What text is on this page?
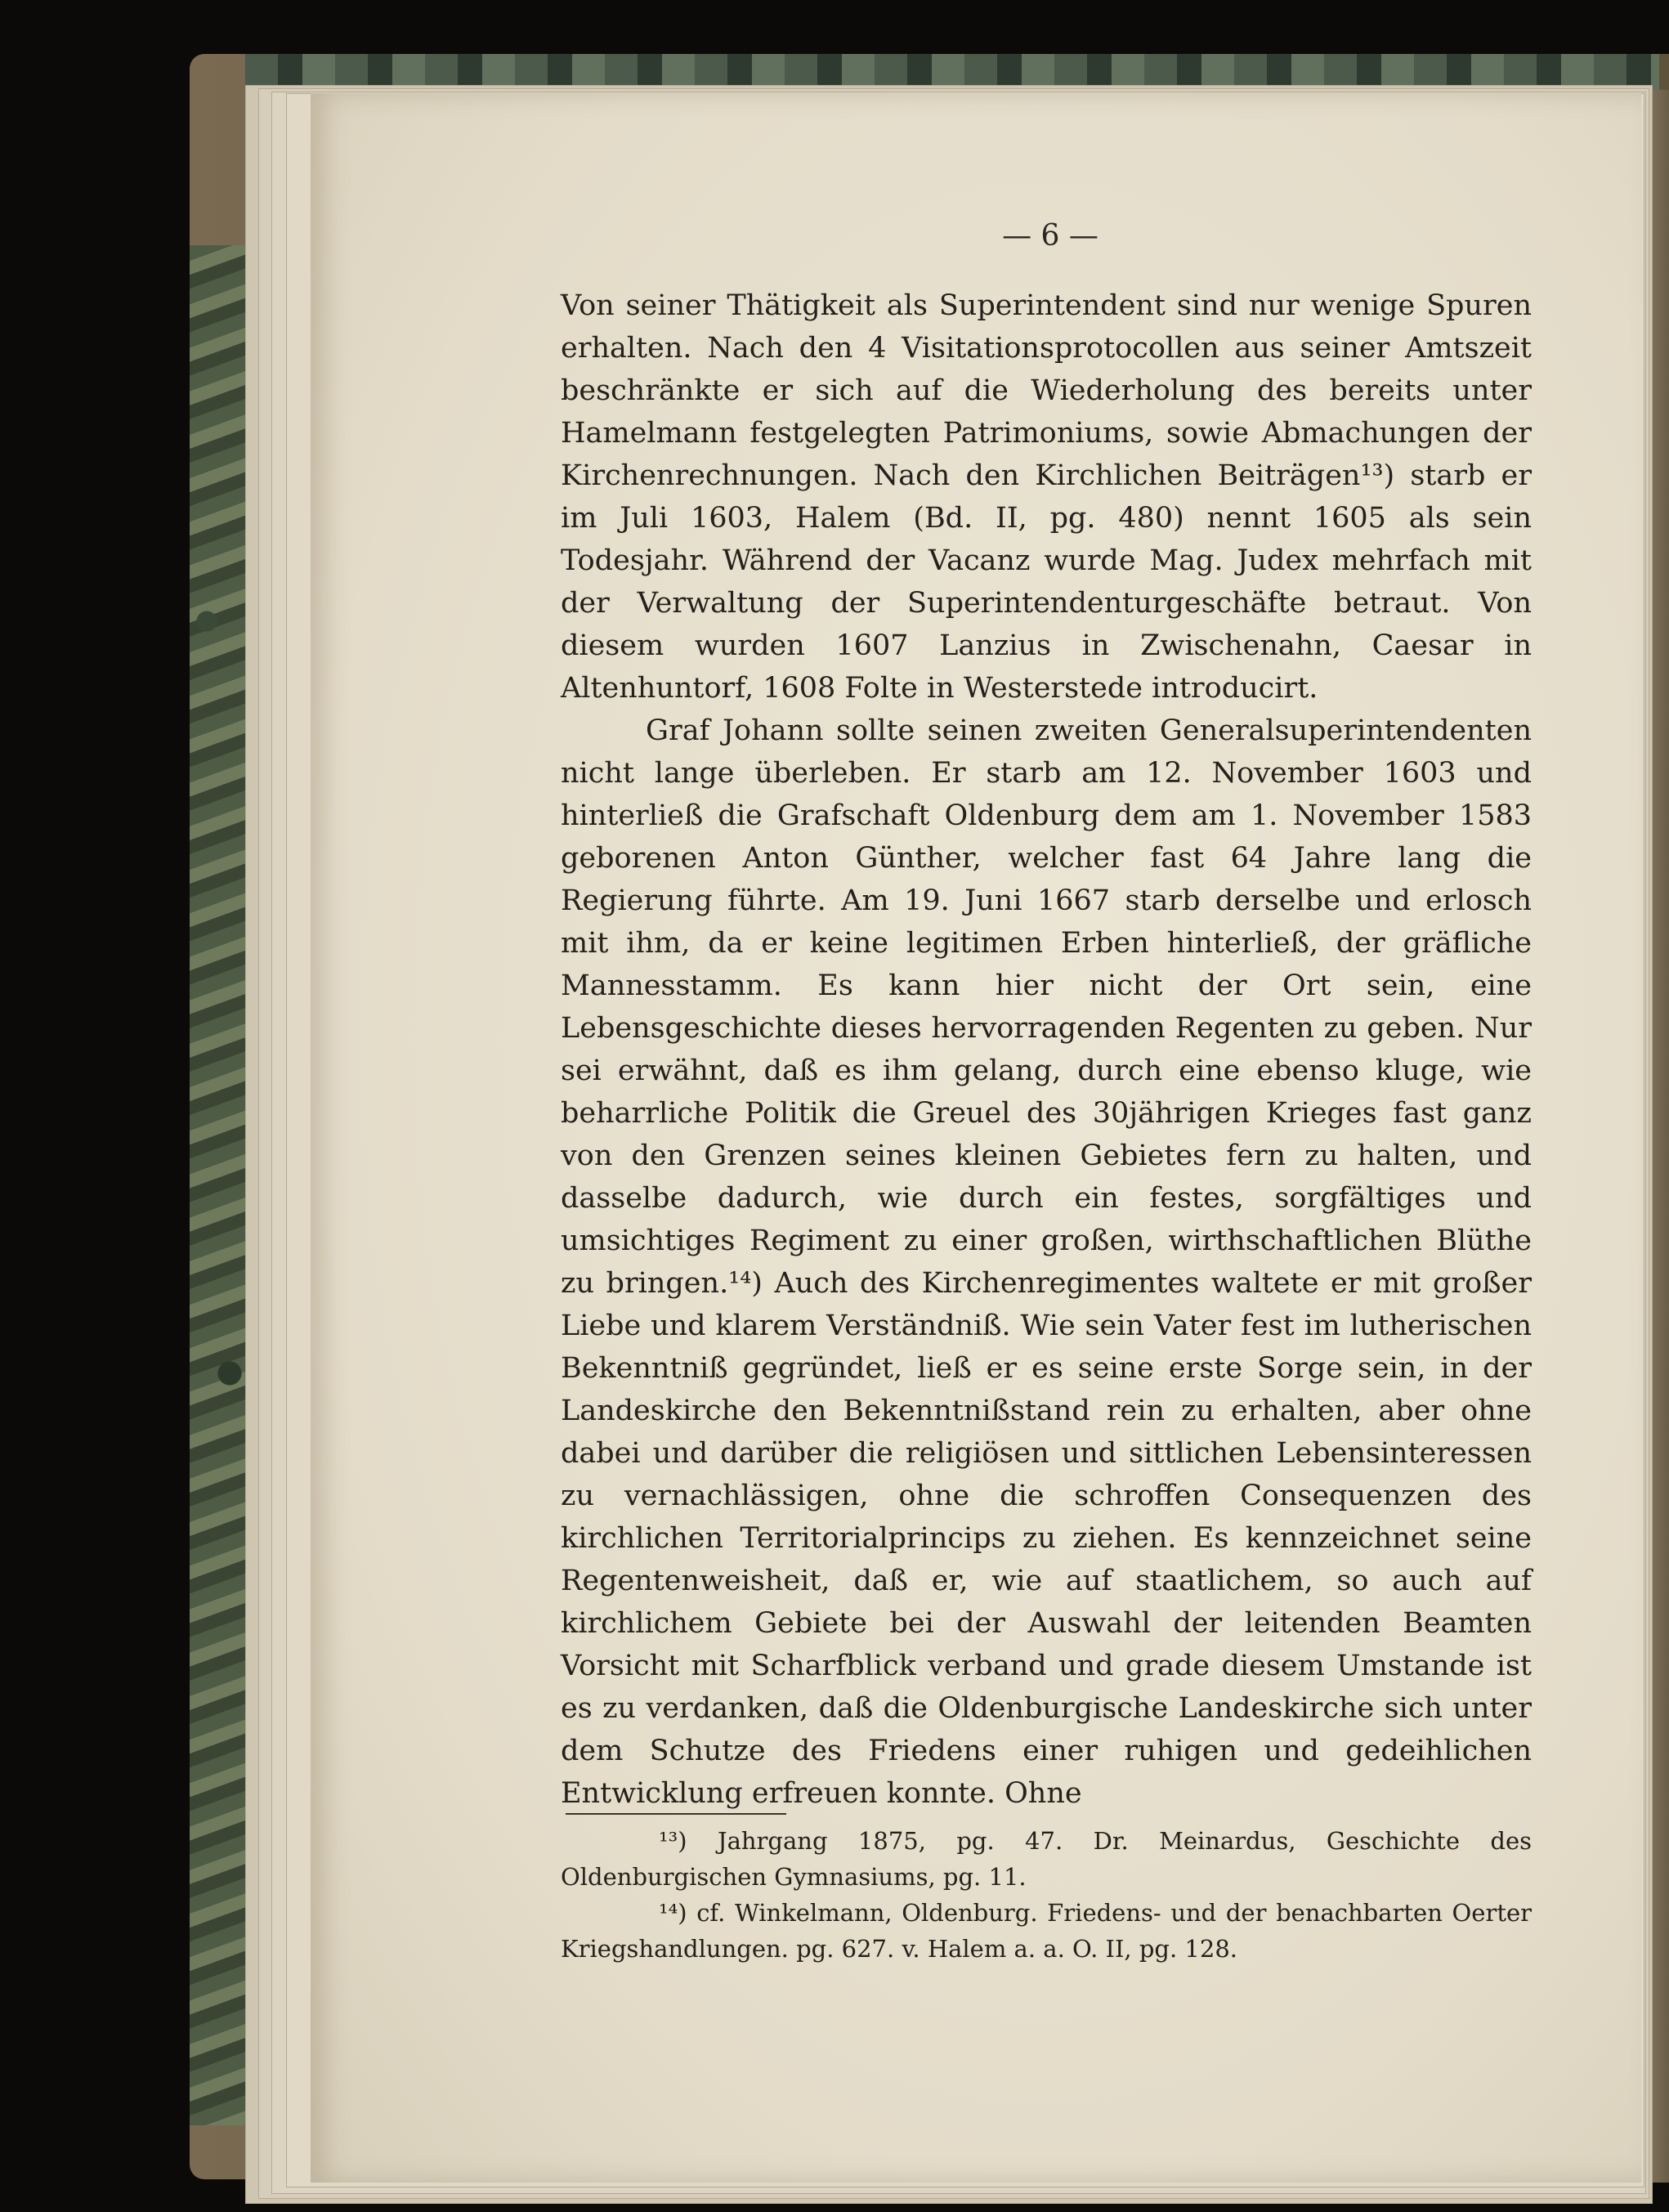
— 6 —

Von seiner Thätigkeit als Superintendent sind nur wenige Spuren erhalten. Nach den 4 Visitationsprotocollen aus seiner Amtszeit beschränkte er sich auf die Wiederholung des bereits unter Hamelmann festgelegten Patrimoniums, sowie Abmachungen der Kirchenrechnungen. Nach den Kirchlichen Beiträgen¹³) starb er im Juli 1603, Halem (Bd. II, pg. 480) nennt 1605 als sein Todesjahr. Während der Vacanz wurde Mag. Judex mehrfach mit der Verwaltung der Superintendenturgeschäfte betraut. Von diesem wurden 1607 Lanzius in Zwischenahn, Caesar in Altenhuntorf, 1608 Folte in Westerstede introducirt.

Graf Johann sollte seinen zweiten Generalsuperintendenten nicht lange überleben. Er starb am 12. November 1603 und hinterließ die Grafschaft Oldenburg dem am 1. November 1583 geborenen Anton Günther, welcher fast 64 Jahre lang die Regierung führte. Am 19. Juni 1667 starb derselbe und erlosch mit ihm, da er keine legitimen Erben hinterließ, der gräfliche Mannesstamm. Es kann hier nicht der Ort sein, eine Lebensgeschichte dieses hervorragenden Regenten zu geben. Nur sei erwähnt, daß es ihm gelang, durch eine ebenso kluge, wie beharrliche Politik die Greuel des 30jährigen Krieges fast ganz von den Grenzen seines kleinen Gebietes fern zu halten, und dasselbe dadurch, wie durch ein festes, sorgfältiges und umsichtiges Regiment zu einer großen, wirthschaftlichen Blüthe zu bringen.¹⁴) Auch des Kirchenregimentes waltete er mit großer Liebe und klarem Verständniß. Wie sein Vater fest im lutherischen Bekenntniß gegründet, ließ er es seine erste Sorge sein, in der Landeskirche den Bekenntnißstand rein zu erhalten, aber ohne dabei und darüber die religiösen und sittlichen Lebensinteressen zu vernachlässigen, ohne die schroffen Consequenzen des kirchlichen Territorialprincips zu ziehen. Es kennzeichnet seine Regentenweisheit, daß er, wie auf staatlichem, so auch auf kirchlichem Gebiete bei der Auswahl der leitenden Beamten Vorsicht mit Scharfblick verband und grade diesem Umstande ist es zu verdanken, daß die Oldenburgische Landeskirche sich unter dem Schutze des Friedens einer ruhigen und gedeihlichen Entwicklung erfreuen konnte. Ohne

¹³) Jahrgang 1875, pg. 47. Dr. Meinardus, Geschichte des Oldenburgischen Gymnasiums, pg. 11.

¹⁴) cf. Winkelmann, Oldenburg. Friedens- und der benachbarten Oerter Kriegshandlungen. pg. 627. v. Halem a. a. O. II, pg. 128.
